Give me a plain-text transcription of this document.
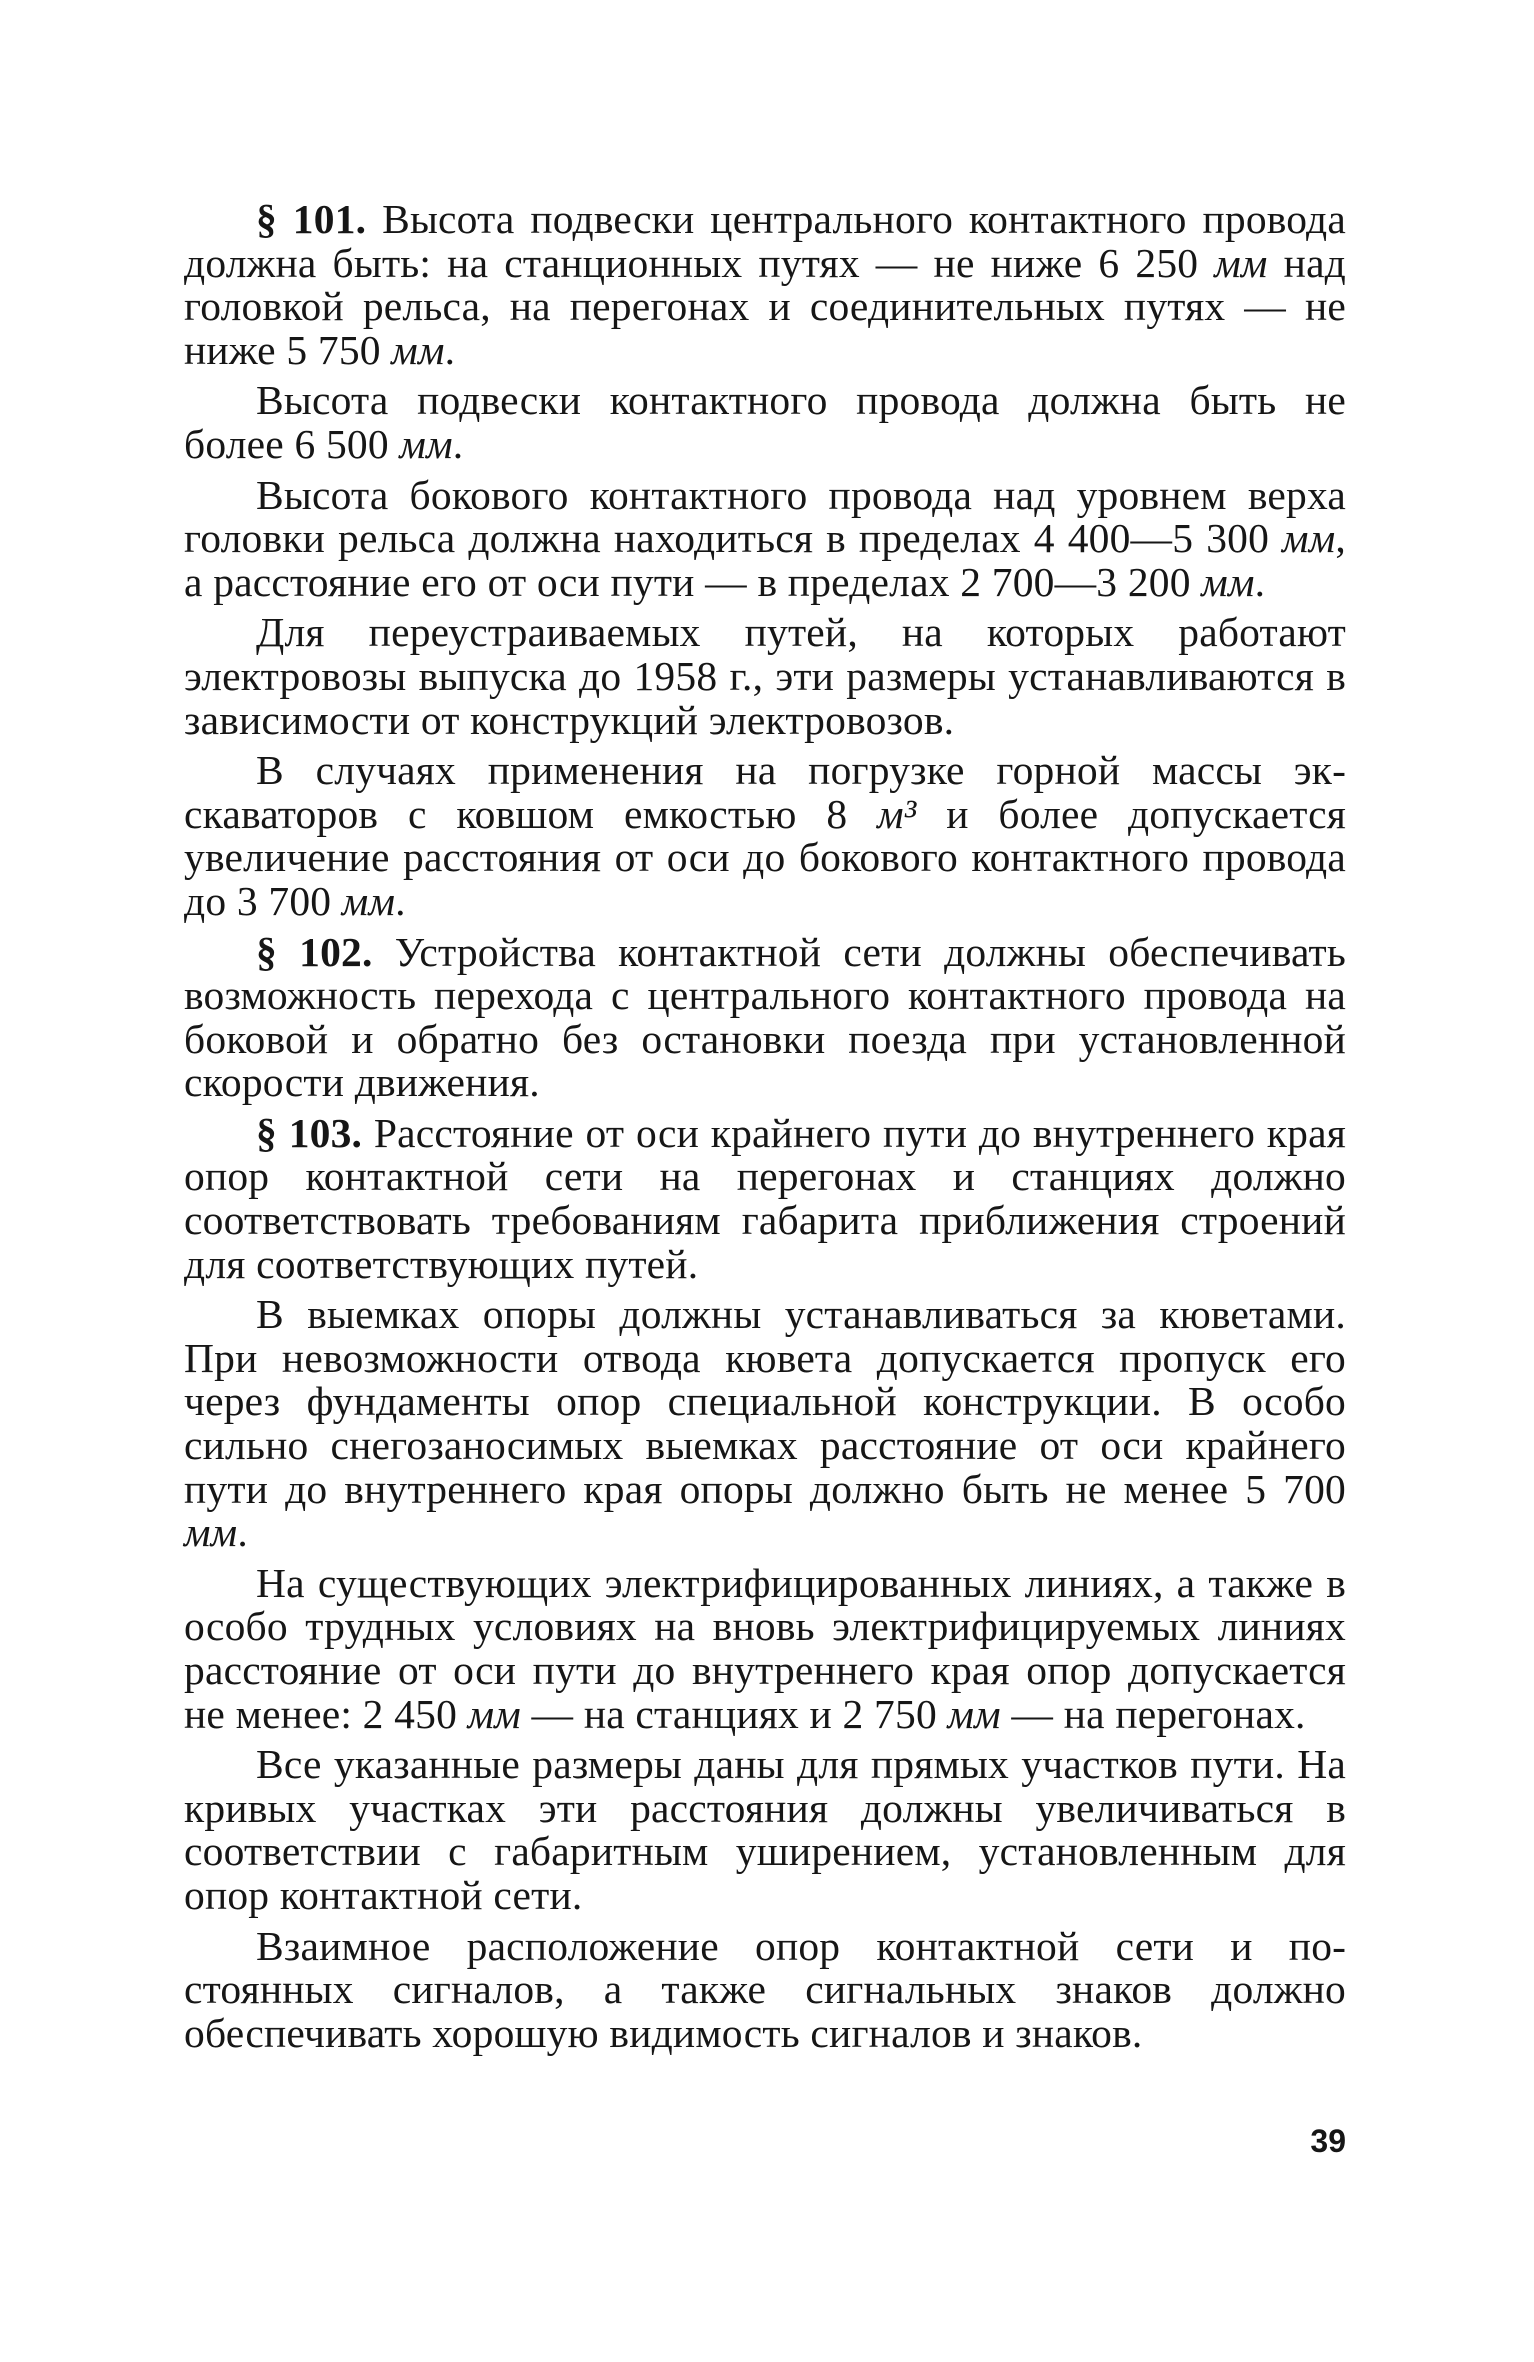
§ 101. Высота подвески центрального контактного провода должна быть: на станционных путях — не ниже 6 250 мм над головкой рельса, на перегонах и соединительных путях — не ниже 5 750 мм.

Высота подвески контактного провода должна быть не более 6 500 мм.

Высота бокового контактного провода над уровнем верха головки рельса должна находиться в пределах 4 400—5 300 мм, а расстояние его от оси пути — в пределах 2 700—3 200 мм.

Для переустраиваемых путей, на которых работают электровозы выпуска до 1958 г., эти размеры устанавливаются в зависимости от конструкций электровозов.

В случаях применения на погрузке горной массы экскаваторов с ковшом емкостью 8 м³ и более допускается увеличение расстояния от оси до бокового контактного провода до 3 700 мм.

§ 102. Устройства контактной сети должны обеспечивать возможность перехода с центрального контактного провода на боковой и обратно без остановки поезда при установленной скорости движения.

§ 103. Расстояние от оси крайнего пути до внутреннего края опор контактной сети на перегонах и станциях должно соответствовать требованиям габарита приближения строений для соответствующих путей.

В выемках опоры должны устанавливаться за кюветами. При невозможности отвода кювета допускается пропуск его через фундаменты опор специальной конструкции. В особо сильно снегозаносимых выемках расстояние от оси крайнего пути до внутреннего края опоры должно быть не менее 5 700 мм.

На существующих электрифицированных линиях, а также в особо трудных условиях на вновь электрифицируемых линиях расстояние от оси пути до внутреннего края опор допускается не менее: 2 450 мм — на станциях и 2 750 мм — на перегонах.

Все указанные размеры даны для прямых участков пути. На кривых участках эти расстояния должны увеличиваться в соответствии с габаритным уширением, установленным для опор контактной сети.

Взаимное расположение опор контактной сети и постоянных сигналов, а также сигнальных знаков должно обеспечивать хорошую видимость сигналов и знаков.

39
